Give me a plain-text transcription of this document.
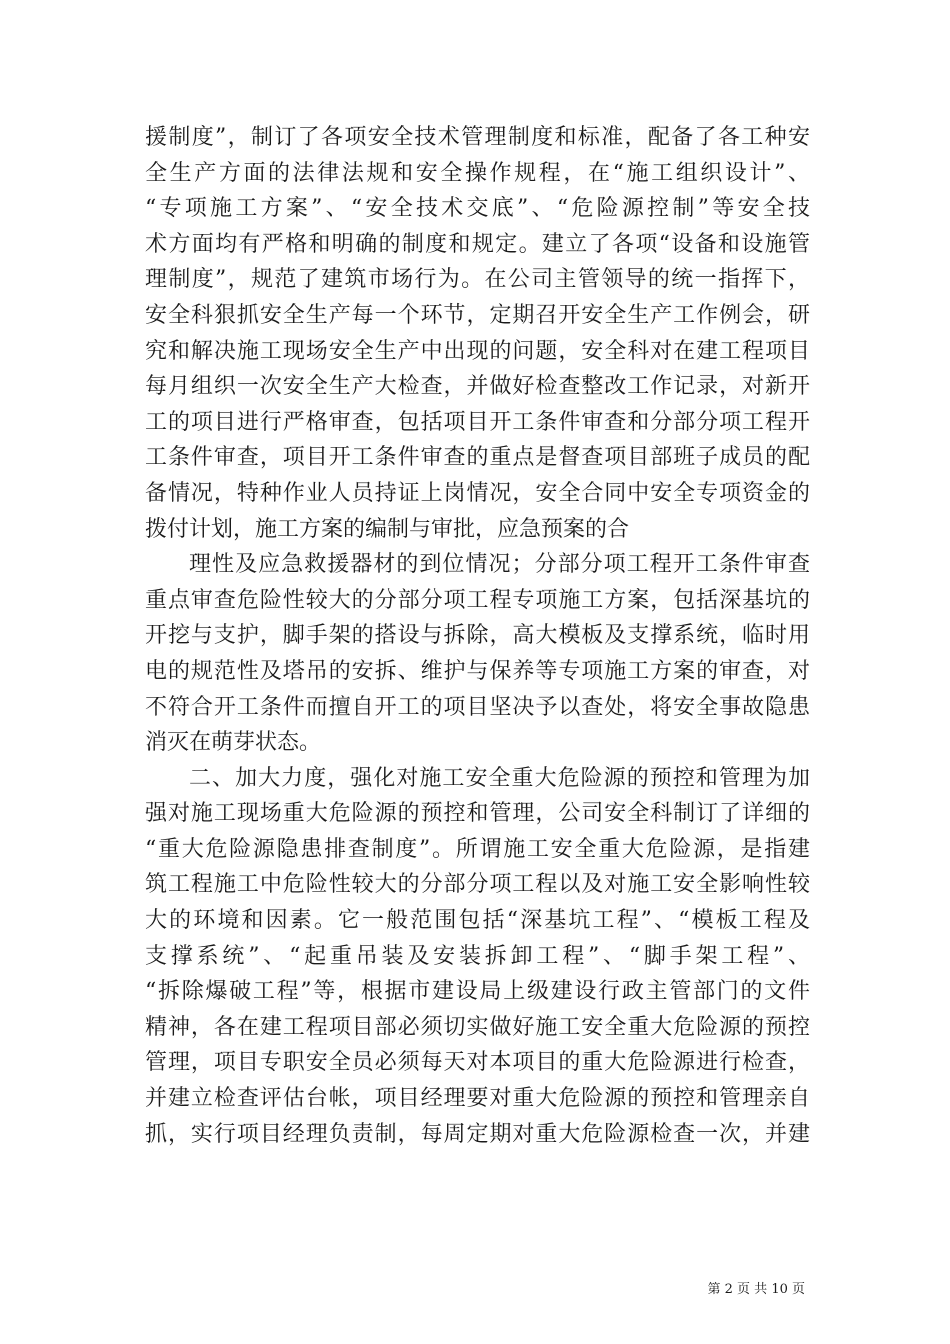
援制度”，制订了各项安全技术管理制度和标准，配备了各工种安
全生产方面的法律法规和安全操作规程，在“施工组织设计”、
“专项施工方案”、“安全技术交底”、“危险源控制”等安全技
术方面均有严格和明确的制度和规定。建立了各项“设备和设施管
理制度”，规范了建筑市场行为。在公司主管领导的统一指挥下，
安全科狠抓安全生产每一个环节，定期召开安全生产工作例会，研
究和解决施工现场安全生产中出现的问题，安全科对在建工程项目
每月组织一次安全生产大检查，并做好检查整改工作记录，对新开
工的项目进行严格审查，包括项目开工条件审查和分部分项工程开
工条件审查，项目开工条件审查的重点是督查项目部班子成员的配
备情况，特种作业人员持证上岗情况，安全合同中安全专项资金的
拨付计划，施工方案的编制与审批，应急预案的合
理性及应急救援器材的到位情况；分部分项工程开工条件审查
重点审查危险性较大的分部分项工程专项施工方案，包括深基坑的
开挖与支护，脚手架的搭设与拆除，高大模板及支撑系统，临时用
电的规范性及塔吊的安拆、维护与保养等专项施工方案的审查，对
不符合开工条件而擅自开工的项目坚决予以查处，将安全事故隐患
消灭在萌芽状态。
二、加大力度，强化对施工安全重大危险源的预控和管理为加
强对施工现场重大危险源的预控和管理，公司安全科制订了详细的
“重大危险源隐患排查制度”。所谓施工安全重大危险源，是指建
筑工程施工中危险性较大的分部分项工程以及对施工安全影响性较
大的环境和因素。它一般范围包括“深基坑工程”、“模板工程及
支撑系统”、“起重吊装及安装拆卸工程”、“脚手架工程”、
“拆除爆破工程”等，根据市建设局上级建设行政主管部门的文件
精神，各在建工程项目部必须切实做好施工安全重大危险源的预控
管理，项目专职安全员必须每天对本项目的重大危险源进行检查，
并建立检查评估台帐，项目经理要对重大危险源的预控和管理亲自
抓，实行项目经理负责制，每周定期对重大危险源检查一次，并建
第 2 页 共 10 页
